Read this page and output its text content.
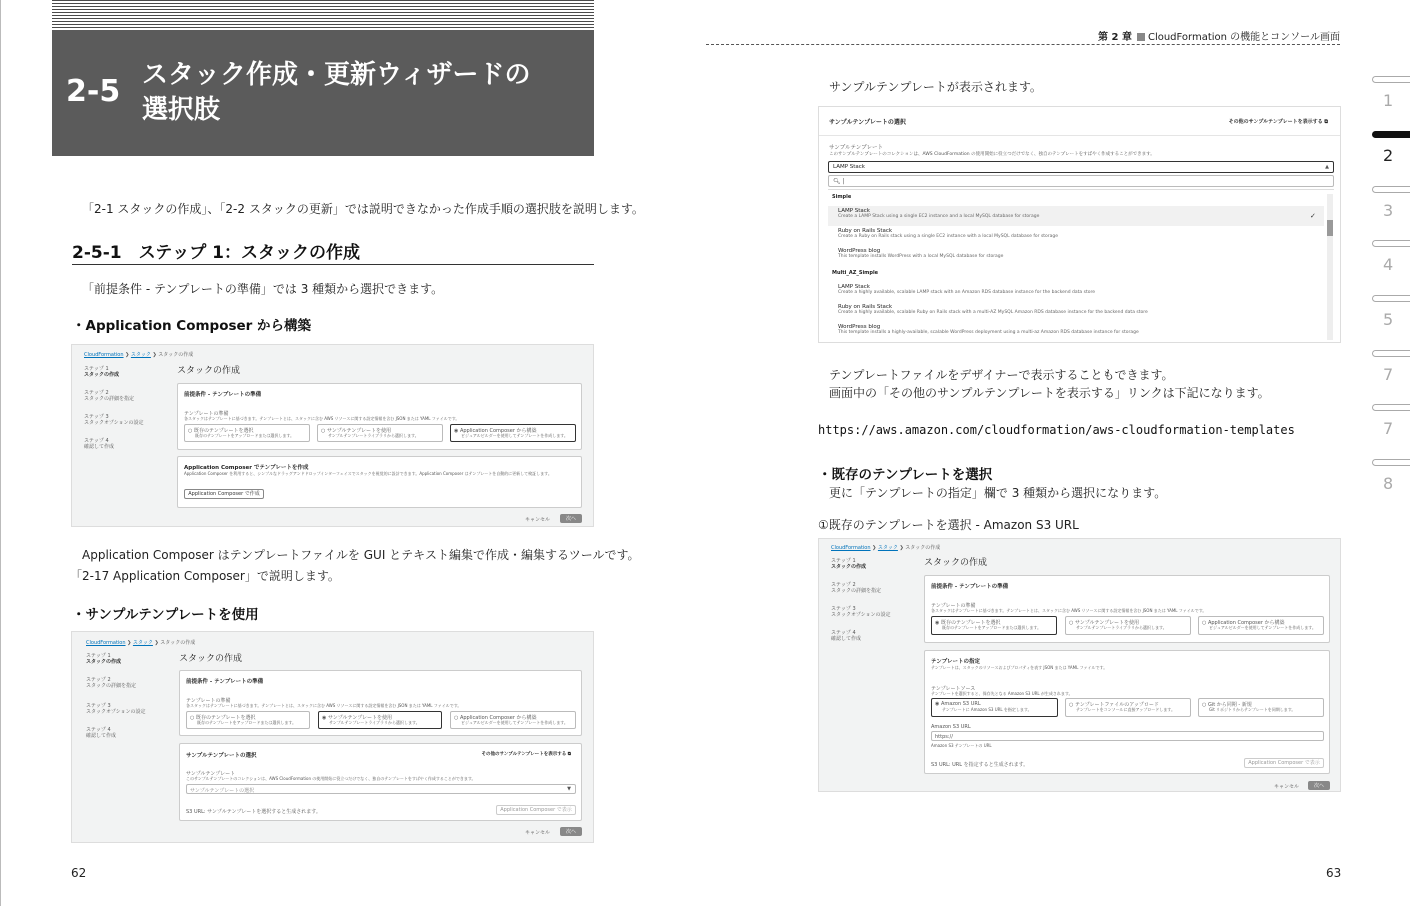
2-5 スタック作成・更新ウィザードの
選択肢
「2-1 スタックの作成」、「2-2 スタックの更新」では説明できなかった作成手順の選択肢を説明します。
2-5-1　ステップ 1：スタックの作成
「前提条件 - テンプレートの準備」では 3 種類から選択できます。
・Application Composer から構築
CloudFormation ❯ スタック ❯ スタックの作成
ステップ 1
スタックの作成
ステップ 2
スタックの詳細を指定
ステップ 3
スタックオプションの設定
ステップ 4
確認して作成
スタックの作成
前提条件 - テンプレートの準備
テンプレートの準備
各スタックはテンプレートに基づきます。テンプレートとは、スタックに含む AWS リソースに関する設定情報を含む JSON または YAML ファイルです。
○ 既存のテンプレートを選択
既存のテンプレートをアップロードまたは選択します。
○ サンプルテンプレートを使用
サンプルテンプレートライブラリから選択します。
◉ Application Composer から構築
ビジュアルビルダーを使用してテンプレートを作成します。
Application Composer でテンプレートを作成
Application Composer を利用すると、シンプルなドラッグアンドドロップインターフェイスでスタックを視覚的に設計できます。Application Composer はテンプレートを自動的に更新して検証します。
Application Composer で作成
キャンセル	次へ
Application Composer はテンプレートファイルを GUI とテキスト編集で作成・編集するツールです。
「2-17 Application Composer」で説明します。
・サンプルテンプレートを使用
CloudFormation ❯ スタック ❯ スタックの作成
ステップ 1
スタックの作成
ステップ 2
スタックの詳細を指定
ステップ 3
スタックオプションの設定
ステップ 4
確認して作成
スタックの作成
前提条件 - テンプレートの準備
テンプレートの準備
各スタックはテンプレートに基づきます。テンプレートとは、スタックに含む AWS リソースに関する設定情報を含む JSON または YAML ファイルです。
○ 既存のテンプレートを選択
既存のテンプレートをアップロードまたは選択します。
◉ サンプルテンプレートを使用
サンプルテンプレートライブラリから選択します。
○ Application Composer から構築
ビジュアルビルダーを使用してテンプレートを作成します。
サンプルテンプレートの選択	その他のサンプルテンプレートを表示する ⧉
サンプルテンプレート
このサンプルテンプレートのコレクションは、AWS CloudFormation の使用開始に役立つだけでなく、独自のテンプレートをすばやく作成することができます。
サンプルテンプレートの選択	▼
S3 URL: サンプルテンプレートを選択すると生成されます。	Application Composer で表示
キャンセル	次へ
62
第 2 章 CloudFormation の機能とコンソール画面
サンプルテンプレートが表示されます。
サンプルテンプレートの選択	その他のサンプルテンプレートを表示する ⧉
サンプルテンプレート
このサンプルテンプレートのコレクションは、AWS CloudFormation の使用開始に役立つだけでなく、独自のテンプレートをすばやく作成することができます。
LAMP Stack	▲
🔍︎ |
Simple
LAMP Stack
Create a LAMP Stack using a single EC2 instance and a local MySQL database for storage	✓
Ruby on Rails Stack
Create a Ruby on Rails stack using a single EC2 instance with a local MySQL database for storage
WordPress blog
This template installs WordPress with a local MySQL database for storage
Multi_AZ_Simple
LAMP Stack
Create a highly available, scalable LAMP stack with an Amazon RDS database instance for the backend data store
Ruby on Rails Stack
Create a highly available, scalable Ruby on Rails stack with a multi-AZ MySQL Amazon RDS database instance for the backend data store
WordPress blog
This template installs a highly-available, scalable WordPress deployment using a multi-az Amazon RDS database instance for storage
テンプレートファイルをデザイナーで表示することもできます。
画面中の「その他のサンプルテンプレートを表示する」リンクは下記になります。
https://aws.amazon.com/cloudformation/aws-cloudformation-templates
・既存のテンプレートを選択
更に「テンプレートの指定」欄で 3 種類から選択になります。
①既存のテンプレートを選択 - Amazon S3 URL
CloudFormation ❯ スタック ❯ スタックの作成
ステップ 1
スタックの作成
ステップ 2
スタックの詳細を指定
ステップ 3
スタックオプションの設定
ステップ 4
確認して作成
スタックの作成
前提条件 - テンプレートの準備
テンプレートの準備
各スタックはテンプレートに基づきます。テンプレートとは、スタックに含む AWS リソースに関する設定情報を含む JSON または YAML ファイルです。
◉ 既存のテンプレートを選択
既存のテンプレートをアップロードまたは選択します。
○ サンプルテンプレートを使用
サンプルテンプレートライブラリから選択します。
○ Application Composer から構築
ビジュアルビルダーを使用してテンプレートを作成します。
テンプレートの指定
テンプレートは、スタックのリソースおよびプロパティを表す JSON または YAML ファイルです。
テンプレートソース
テンプレートを選択すると、保存先となる Amazon S3 URL が生成されます。
◉ Amazon S3 URL
テンプレートに Amazon S3 URL を指定します。
○ テンプレートファイルのアップロード
テンプレートをコンソールに直接アップロードします。
○ Git から同期 - 新規
Git リポジトリからテンプレートを同期します。
Amazon S3 URL
https://
Amazon S3 テンプレートの URL
S3 URL: URL を指定すると生成されます。	Application Composer で表示
キャンセル	次へ
63
1
2
3
4
5
7
7
8
